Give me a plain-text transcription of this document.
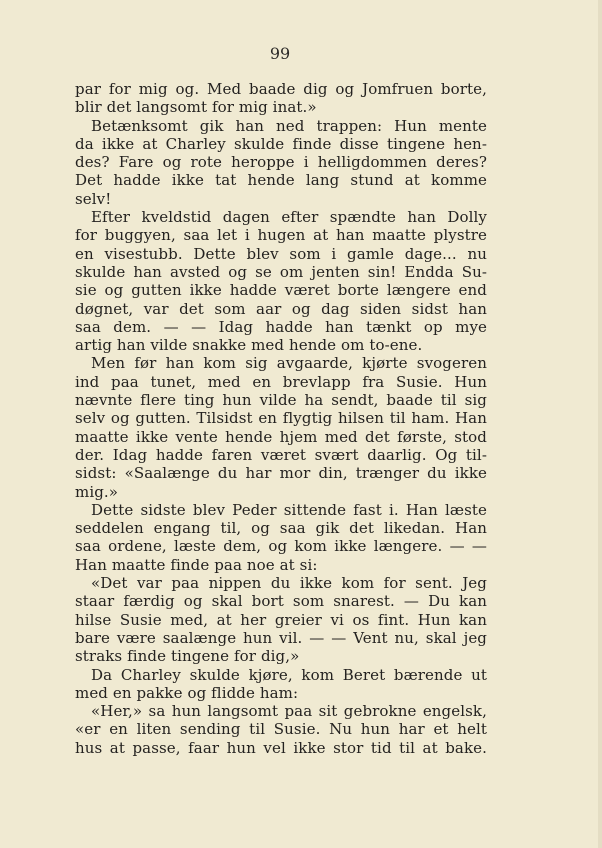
99
par for mig og. Med baade dig og Jomfruen borte,
blir det langsomt for mig inat.»
Betænksomt gik han ned trappen: Hun mente
da ikke at Charley skulde finde disse tingene hen-
des? Fare og rote heroppe i helligdommen deres?
Det hadde ikke tat hende lang stund at komme
selv!
Efter kveldstid dagen efter spændte han Dolly
for buggyen, saa let i hugen at han maatte plystre
en visestubb. Dette blev som i gamle dage... nu
skulde han avsted og se om jenten sin! Endda Su-
sie og gutten ikke hadde været borte længere end
døgnet, var det som aar og dag siden sidst han
saa dem. — — Idag hadde han tænkt op mye
artig han vilde snakke med hende om to-ene.
Men før han kom sig avgaarde, kjørte svogeren
ind paa tunet, med en brevlapp fra Susie. Hun
nævnte flere ting hun vilde ha sendt, baade til sig
selv og gutten. Tilsidst en flygtig hilsen til ham. Han
maatte ikke vente hende hjem med det første, stod
der. Idag hadde faren været svært daarlig. Og til-
sidst: «Saalænge du har mor din, trænger du ikke
mig.»
Dette sidste blev Peder sittende fast i. Han læste
seddelen engang til, og saa gik det likedan. Han
saa ordene, læste dem, og kom ikke længere. — —
Han maatte finde paa noe at si:
«Det var paa nippen du ikke kom for sent. Jeg
staar færdig og skal bort som snarest. — Du kan
hilse Susie med, at her greier vi os fint. Hun kan
bare være saalænge hun vil. — — Vent nu, skal jeg
straks finde tingene for dig,»
Da Charley skulde kjøre, kom Beret bærende ut
med en pakke og flidde ham:
«Her,» sa hun langsomt paa sit gebrokne engelsk,
«er en liten sending til Susie. Nu hun har et helt
hus at passe, faar hun vel ikke stor tid til at bake.
